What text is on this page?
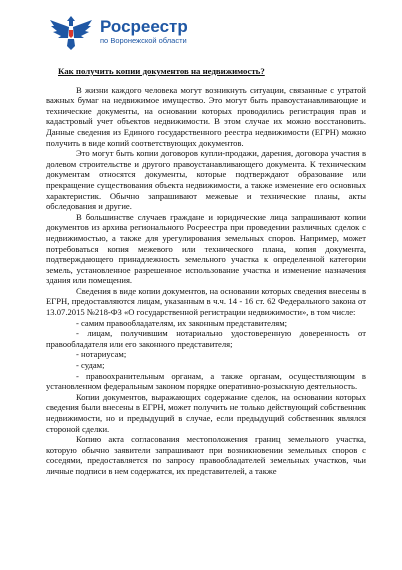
Росреестр
по Воронежской области
Как получить копии документов на недвижимость?

В жизни каждого человека могут возникнуть ситуации, связанные с утратой важных бумаг на недвижимое имущество. Это могут быть правоустанавливающие и технические документы, на основании которых проводились регистрация прав и кадастровый учет объектов недвижимости. В этом случае их можно восстановить. Данные сведения из Единого государственного реестра недвижимости (ЕГРН) можно получить в виде копий соответствующих документов.

Это могут быть копии договоров купли-продажи, дарения, договора участия в долевом строительстве и другого правоустанавливающего документа. К техническим документам относятся документы, которые подтверждают образование или прекращение существования объекта недвижимости, а также изменение его основных характеристик. Обычно запрашивают межевые и технические планы, акты обследования и другие.

В большинстве случаев граждане и юридические лица запрашивают копии документов из архива регионального Росреестра при проведении различных сделок с недвижимостью, а также для урегулирования земельных споров. Например, может потребоваться копия межевого или технического плана, копия документа, подтверждающего принадлежность земельного участка к определенной категории земель, установленное разрешенное использование участка и изменение назначения здания или помещения.

Сведения в виде копии документов, на основании которых сведения внесены в ЕГРН, предоставляются лицам, указанным в ч.ч. 14 - 16 ст. 62 Федерального закона от 13.07.2015 №218-ФЗ «О государственной регистрации недвижимости», в том числе:

- самим правообладателям, их законным представителям;

- лицам, получившим нотариально удостоверенную доверенность от правообладателя или его законного представителя;

- нотариусам;

- судам;

- правоохранительным органам, а также органам, осуществляющим в установленном федеральным законом порядке оперативно-розыскную деятельность.

Копии документов, выражающих содержание сделок, на основании которых сведения были внесены в ЕГРН, может получить не только действующий собственник недвижимости, но и предыдущий в случае, если предыдущий собственник являлся стороной сделки.

Копию акта согласования местоположения границ земельного участка, которую обычно заявители запрашивают при возникновении земельных споров с соседями, предоставляется по запросу правообладателей земельных участков, чьи личные подписи в нем содержатся, их представителей, а также
